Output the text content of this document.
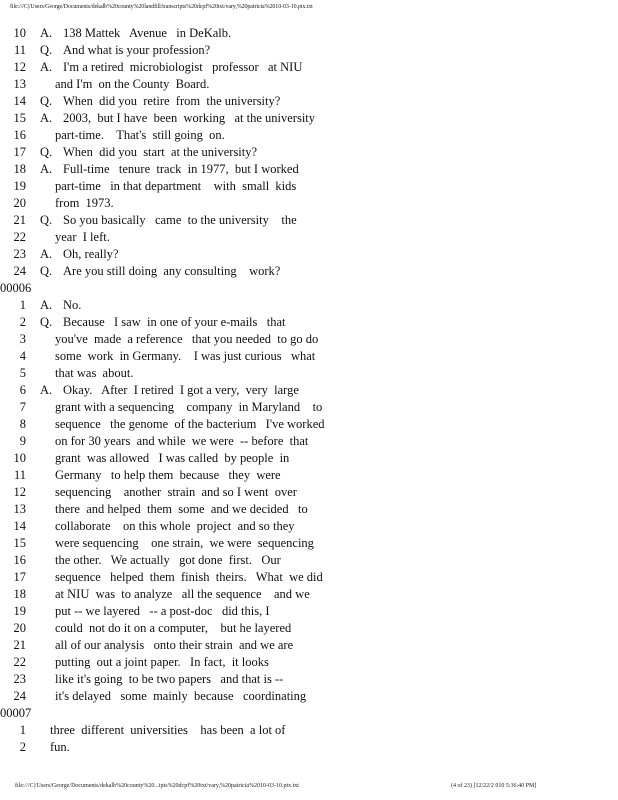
file:///C|/Users/George/Documents/dekalb%20county%20landfill/transcripts%20dcpf%20txt/vary,%20patricia%2010-03-10.ptx.txt
10 A. 138 Mattek   Avenue   in DeKalb.
11 Q. And what is your profession?
12 A. I'm a retired  microbiologist   professor   at NIU
13 and I'm  on the County  Board.
14 Q. When  did you  retire  from  the university?
15 A. 2003,  but I have  been  working   at the university
16 part-time.    That's  still going  on.
17 Q. When  did you  start  at the university?
18 A. Full-time   tenure  track  in 1977,  but I worked
19 part-time   in that department    with  small  kids
20 from  1973.
21 Q. So you basically   came  to the university    the
22 year  I left.
23 A. Oh, really?
24 Q. Are you still doing  any consulting    work?
00006
1 A. No.
2 Q. Because   I saw  in one of your e-mails   that
3 you've  made  a reference   that you needed  to go do
4 some  work  in Germany.    I was just curious   what
5 that was  about.
6 A. Okay.   After  I retired  I got a very,  very  large
7 grant with a sequencing    company  in Maryland    to
8 sequence   the genome  of the bacterium   I've worked
9 on for 30 years  and while  we were  -- before  that
10 grant  was allowed   I was called  by people  in
11 Germany   to help them  because   they  were
12 sequencing    another  strain  and so I went  over
13 there  and helped  them  some  and we decided   to
14 collaborate    on this whole  project  and so they
15 were sequencing    one strain,  we were  sequencing
16 the other.   We actually   got done  first.   Our
17 sequence   helped  them  finish  theirs.   What  we did
18 at NIU  was  to analyze   all the sequence    and we
19 put -- we layered   -- a post-doc   did this, I
20 could  not do it on a computer,    but he layered
21 all of our analysis   onto their strain  and we are
22 putting  out a joint paper.   In fact,  it looks
23 like it's going  to be two papers   and that is --
24 it's delayed   some  mainly  because   coordinating
00007
1 three  different  universities    has been  a lot of
2 fun.
file:///C|/Users/George/Documents/dekalb%20county%20...ipts%20dcpf%20txt/vary,%20patricia%2010-03-10.ptx.txt	(4 of 23) [12/22/2 010 5:36:40 PM]
